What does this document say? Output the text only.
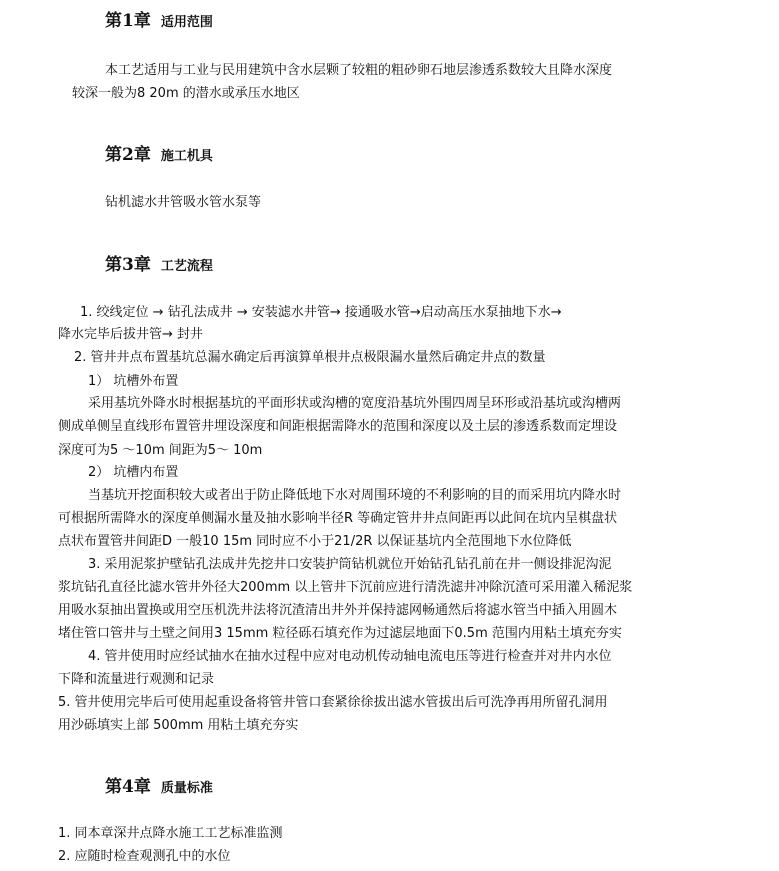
第1章 适用范围
本工艺适用与工业与民用建筑中含水层颗了较粗的粗砂卵石地层渗透系数较大且降水深度
较深一般为8 20m 的潜水或承压水地区
第2章 施工机具
钻机滤水井管吸水管水泵等
第3章 工艺流程
1. 绞线定位 → 钻孔法成井 → 安装滤水井管→ 接通吸水管→启动高压水泵抽地下水→
降水完毕后拔井管→ 封井
2. 管井井点布置基坑总漏水确定后再演算单根井点极限漏水量然后确定井点的数量
1） 坑槽外布置
采用基坑外降水时根据基坑的平面形状或沟槽的宽度沿基坑外围四周呈环形或沿基坑或沟槽两
侧成单侧呈直线形布置管井埋设深度和间距根据需降水的范围和深度以及土层的渗透系数而定埋设
深度可为5 ～10m 间距为5～ 10m
2） 坑槽内布置
当基坑开挖面积较大或者出于防止降低地下水对周围环境的不利影响的目的而采用坑内降水时
可根据所需降水的深度单侧漏水量及抽水影响半径R 等确定管井井点间距再以此间在坑内呈棋盘状
点状布置管井间距D 一般10 15m 同时应不小于21/2R 以保证基坑内全范围地下水位降低
3. 采用泥浆护壁钻孔法成井先挖井口安装护筒钻机就位开始钻孔钻孔前在井一侧设排泥沟泥
浆坑钻孔直径比滤水管井外径大200mm 以上管井下沉前应进行清洗滤井冲除沉渣可采用灌入稀泥浆
用吸水泵抽出置换或用空压机洗井法将沉渣清出井外并保持滤网畅通然后将滤水管当中插入用圆木
堵住管口管井与土壁之间用3 15mm 粒径砾石填充作为过滤层地面下0.5m 范围内用粘土填充夯实
4. 管井使用时应经试抽水在抽水过程中应对电动机传动轴电流电压等进行检查并对井内水位
下降和流量进行观测和记录
5. 管井使用完毕后可使用起重设备将管井管口套紧徐徐拔出滤水管拔出后可洗净再用所留孔洞用
用沙砾填实上部 500mm 用粘土填充夯实
第4章 质量标准
1. 同本章深井点降水施工工艺标准监测
2. 应随时检查观测孔中的水位
